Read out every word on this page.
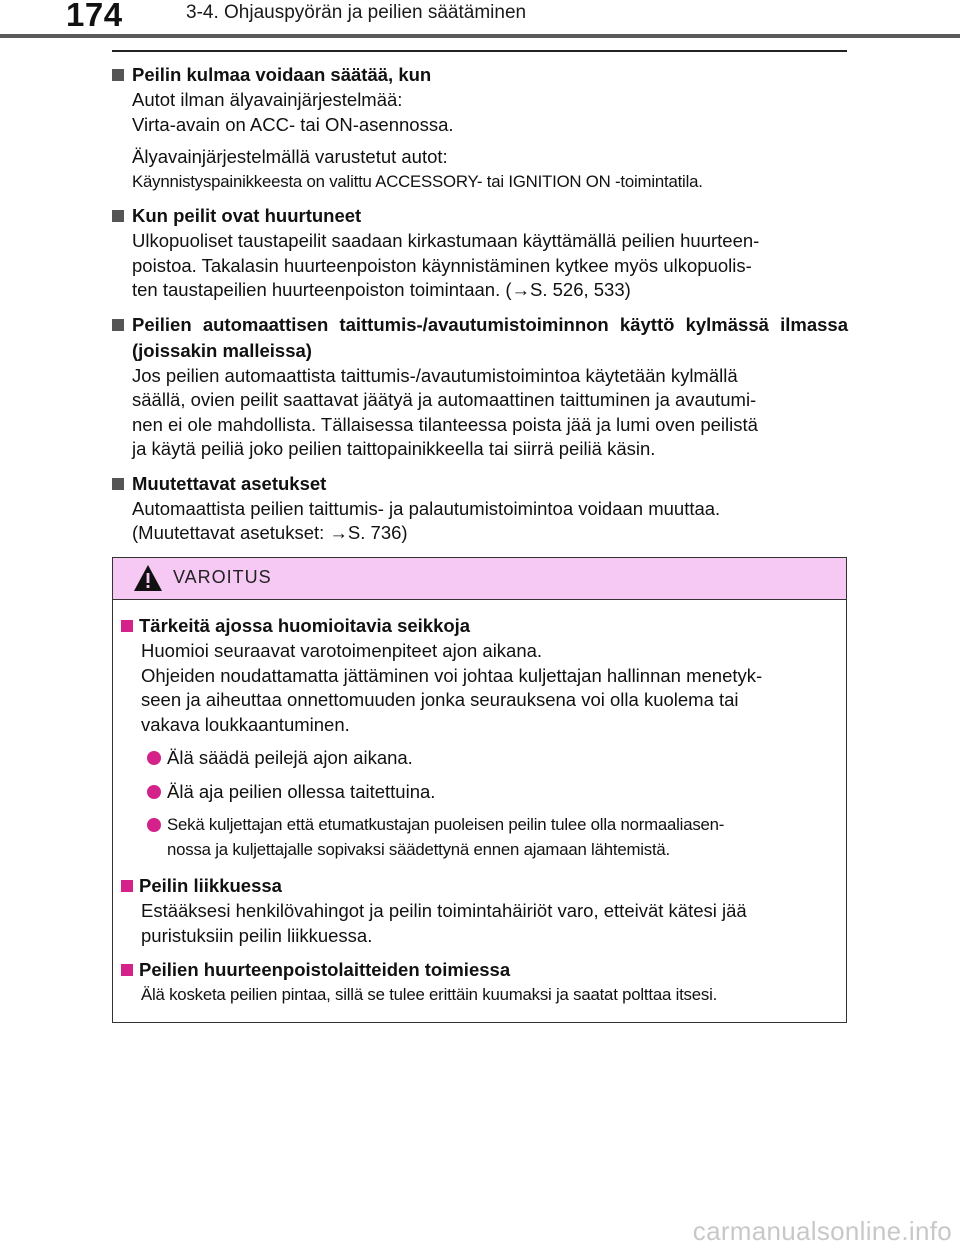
174	3-4. Ohjauspyörän ja peilien säätäminen
Peilin kulmaa voidaan säätää, kun
Autot ilman älyavainjärjestelmää:
Virta-avain on ACC- tai ON-asennossa.
Älyavainjärjestelmällä varustetut autot:
Käynnistyspainikkeesta on valittu ACCESSORY- tai IGNITION ON -toimintatila.
Kun peilit ovat huurtuneet
Ulkopuoliset taustapeilit saadaan kirkastumaan käyttämällä peilien huurteen-
poistoa. Takalasin huurteenpoiston käynnistäminen kytkee myös ulkopuolis-
ten taustapeilien huurteenpoiston toimintaan. (→S. 526, 533)
Peilien automaattisen taittumis-/avautumistoiminnon käyttö kylmässä ilmassa (joissakin malleissa)
Jos peilien automaattista taittumis-/avautumistoimintoa käytetään kylmällä
säällä, ovien peilit saattavat jäätyä ja automaattinen taittuminen ja avautumi-
nen ei ole mahdollista. Tällaisessa tilanteessa poista jää ja lumi oven peilistä
ja käytä peiliä joko peilien taittopainikkeella tai siirrä peiliä käsin.
Muutettavat asetukset
Automaattista peilien taittumis- ja palautumistoimintoa voidaan muuttaa.
(Muutettavat asetukset: →S. 736)
VAROITUS
Tärkeitä ajossa huomioitavia seikkoja
Huomioi seuraavat varotoimenpiteet ajon aikana.
Ohjeiden noudattamatta jättäminen voi johtaa kuljettajan hallinnan menetyk-
seen ja aiheuttaa onnettomuuden jonka seurauksena voi olla kuolema tai
vakava loukkaantuminen.
Älä säädä peilejä ajon aikana.
Älä aja peilien ollessa taitettuina.
Sekä kuljettajan että etumatkustajan puoleisen peilin tulee olla normaaliasen-
nossa ja kuljettajalle sopivaksi säädettynä ennen ajamaan lähtemistä.
Peilin liikkuessa
Estääksesi henkilövahingot ja peilin toimintahäiriöt varo, etteivät kätesi jää
puristuksiin peilin liikkuessa.
Peilien huurteenpoistolaitteiden toimiessa
Älä kosketa peilien pintaa, sillä se tulee erittäin kuumaksi ja saatat polttaa itsesi.
carmanualsonline.info
